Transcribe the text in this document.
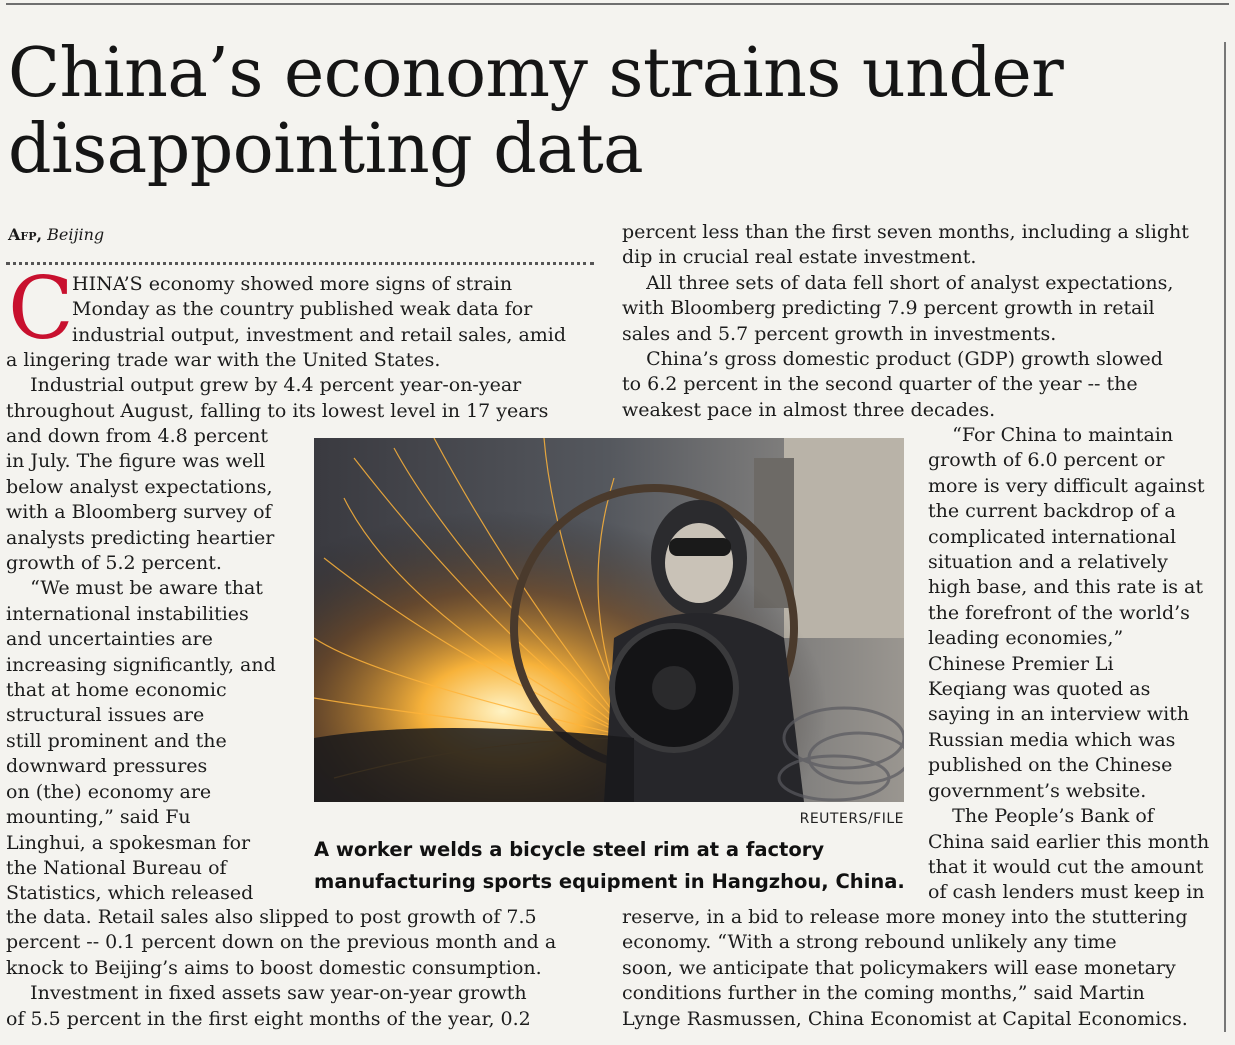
China’s economy strains under disappointing data
Afp, Beijing
C
HINA’S economy showed more signs of strain
Monday as the country published weak data for
industrial output, investment and retail sales, amid
a lingering trade war with the United States.
Industrial output grew by 4.4 percent year-on-year
throughout August, falling to its lowest level in 17 years
and down from 4.8 percent
in July. The figure was well
below analyst expectations,
with a Bloomberg survey of
analysts predicting heartier
growth of 5.2 percent.
“We must be aware that
international instabilities
and uncertainties are
increasing significantly, and
that at home economic
structural issues are
still prominent and the
downward pressures
on (the) economy are
mounting,” said Fu
Linghui, a spokesman for
the National Bureau of
Statistics, which released
the data. Retail sales also slipped to post growth of 7.5
percent -- 0.1 percent down on the previous month and a
knock to Beijing’s aims to boost domestic consumption.
Investment in fixed assets saw year-on-year growth
of 5.5 percent in the first eight months of the year, 0.2
percent less than the first seven months, including a slight
dip in crucial real estate investment.
All three sets of data fell short of analyst expectations,
with Bloomberg predicting 7.9 percent growth in retail
sales and 5.7 percent growth in investments.
China’s gross domestic product (GDP) growth slowed
to 6.2 percent in the second quarter of the year -- the
weakest pace in almost three decades.
“For China to maintain
growth of 6.0 percent or
more is very difficult against
the current backdrop of a
complicated international
situation and a relatively
high base, and this rate is at
the forefront of the world’s
leading economies,”
Chinese Premier Li
Keqiang was quoted as
saying in an interview with
Russian media which was
published on the Chinese
government’s website.
The People’s Bank of
China said earlier this month
that it would cut the amount
of cash lenders must keep in
reserve, in a bid to release more money into the stuttering
economy. “With a strong rebound unlikely any time
soon, we anticipate that policymakers will ease monetary
conditions further in the coming months,” said Martin
Lynge Rasmussen, China Economist at Capital Economics.
REUTERS/FILE

A worker welds a bicycle steel rim at a factory manufacturing sports equipment in Hangzhou, China.
